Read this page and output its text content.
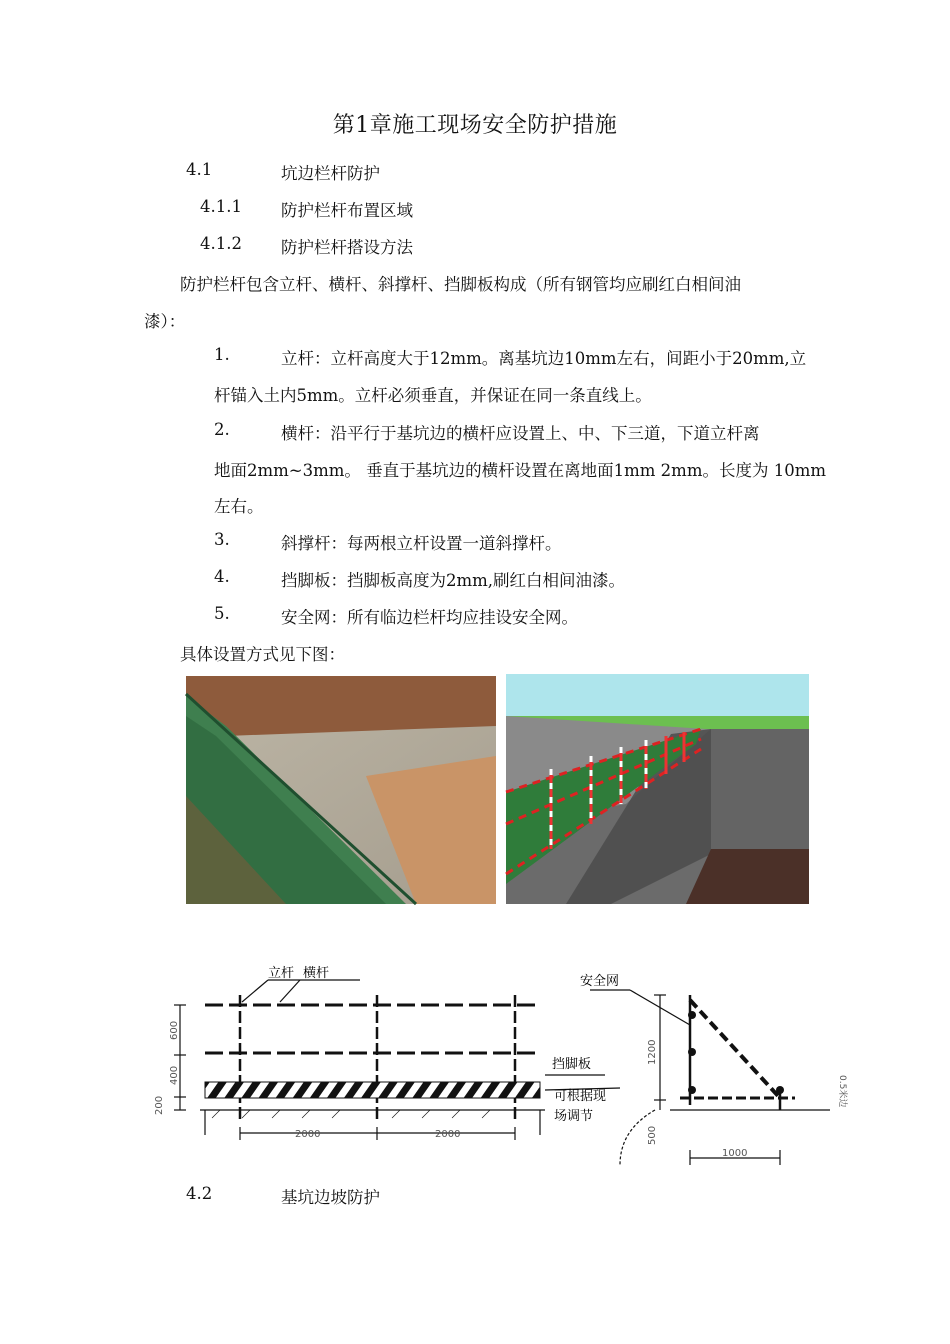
第1章施工现场安全防护措施
4.1	坑边栏杆防护
4.1.1 防护栏杆布置区域
4.1.2 防护栏杆搭设方法
防护栏杆包含立杆、横杆、斜撑杆、挡脚板构成（所有钢管均应刷红白相间油
漆）：
1.	立杆：立杆高度大于12mm。离基坑边10mm左右，间距小于20mm,立
杆锚入土内5mm。立杆必须垂直，并保证在同一条直线上。
2.	横杆：沿平行于基坑边的横杆应设置上、中、下三道，下道立杆离
地面2mm~3mm。 垂直于基坑边的横杆设置在离地面1mm 2mm。长度为 10mm
左右。
3.	斜撑杆：每两根立杆设置一道斜撑杆。
4.	挡脚板：挡脚板高度为2mm,刷红白相间油漆。
5.	安全网：所有临边栏杆均应挂设安全网。
具体设置方式见下图：
立杆 横杆
挡脚板
可根据现
场调节
2000	2000
600
400
200
安全网
1200
500
1000
0.5米边
4.2	基坑边坡防护
